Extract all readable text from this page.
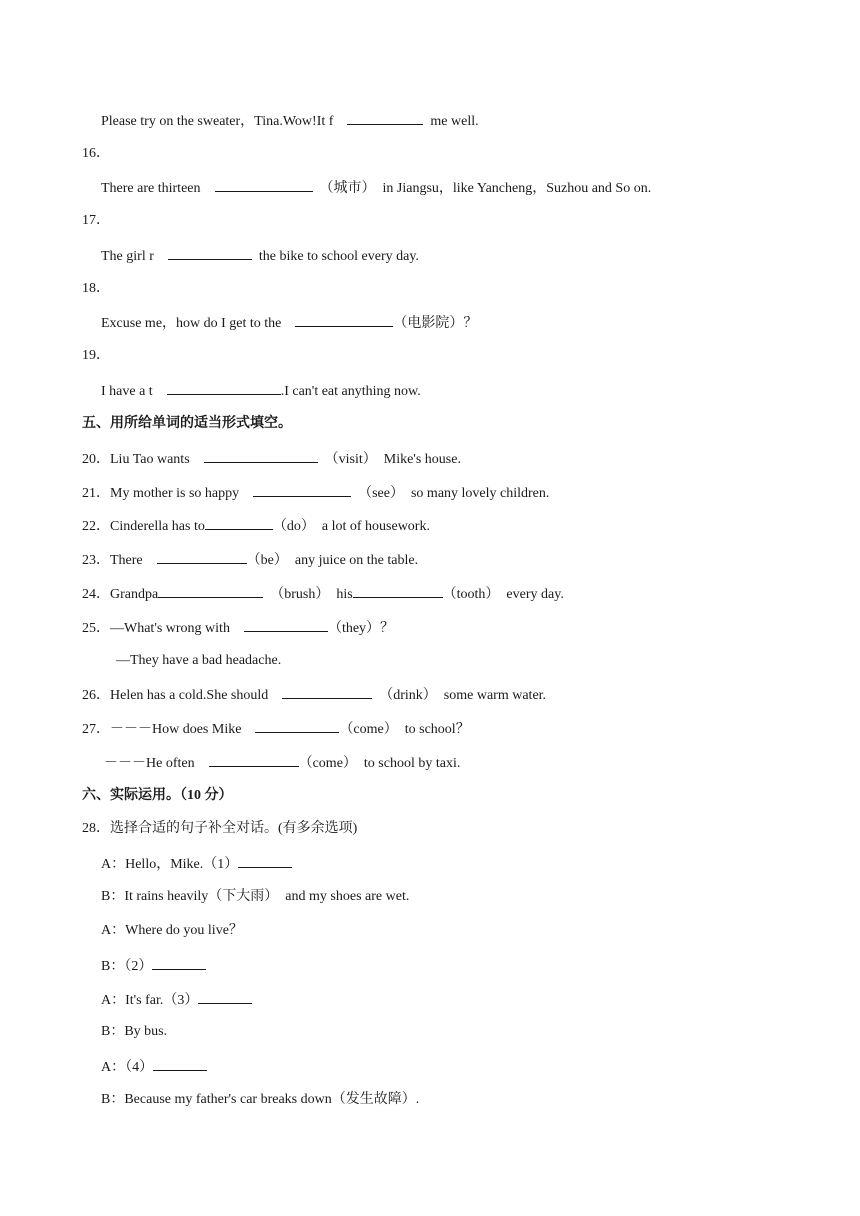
Please try on the sweater，Tina.Wow!It f	me well.
16．
There are thirteen	（城市）  in Jiangsu，like Yancheng，Suzhou and So on.
17．
The girl r	the bike to school every day.
18．
Excuse me，how do I get to the	（电影院）？
19．
I have a t	.I can't eat anything now.
五、用所给单词的适当形式填空。
20．Liu Tao wants	（visit）  Mike's house.
21．My mother is so happy	（see）  so many lovely children.
22．Cinderella has to	（do）  a lot of housework.
23．There	（be）  any juice on the table.
24．Grandpa	（brush）  his	（tooth）  every day.
25．—What's wrong with	（they）？
—They have a bad headache.
26．Helen has a cold.She should	（drink）  some warm water.
27．－－－How does Mike	（come）  to school？
－－－He often	（come）  to school by taxi.
六、实际运用。（10 分）
28．选择合适的句子补全对话。(有多余选项)
A：Hello，Mike.（1）
B：It rains heavily（下大雨）  and my shoes are wet.
A：Where do you live？
B：（2）
A：It's far.（3）
B：By bus.
A：（4）
B：Because my father's car breaks down（发生故障）.
